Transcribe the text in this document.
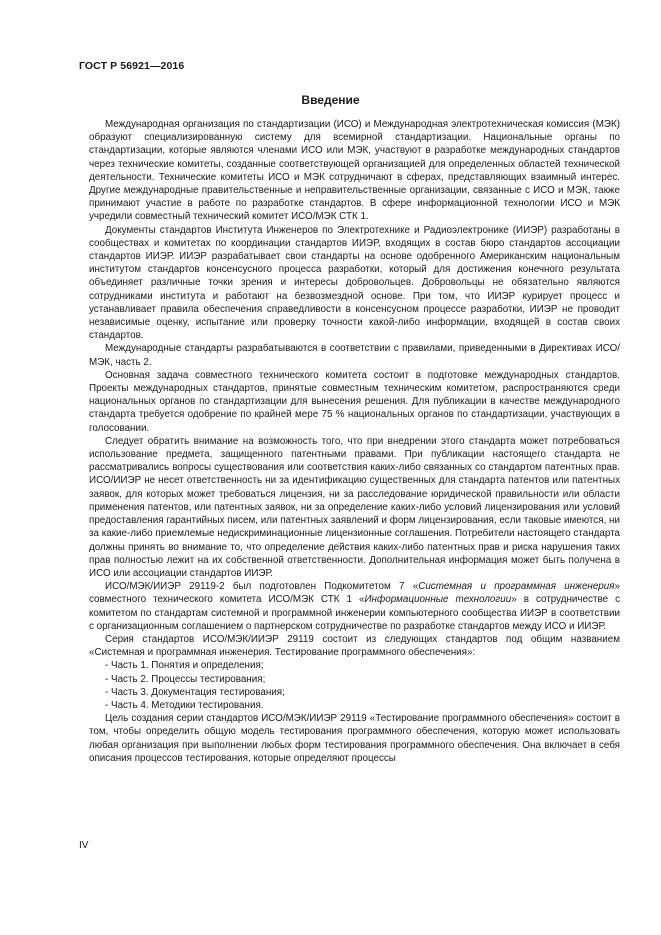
ГОСТ Р 56921—2016
Введение

Международная организация по стандартизации (ИСО) и Международная электротехническая комиссия (МЭК) образуют специализированную систему для всемирной стандартизации. Национальные органы по стандартизации, которые являются членами ИСО или МЭК, участвуют в разработке международных стандартов через технические комитеты, созданные соответствующей организацией для определенных областей технической деятельности. Технические комитеты ИСО и МЭК сотрудничают в сферах, представляющих взаимный интерес. Другие международные правительственные и неправительственные организации, связанные с ИСО и МЭК, также принимают участие в работе по разработке стандартов. В сфере информационной технологии ИСО и МЭК учредили совместный технический комитет ИСО/МЭК СТК 1.

Документы стандартов Института Инженеров по Электротехнике и Радиоэлектронике (ИИЭР) разработаны в сообществах и комитетах по координации стандартов ИИЭР, входящих в состав бюро стандартов ассоциации стандартов ИИЭР. ИИЭР разрабатывает свои стандарты на основе одобренного Американским национальным институтом стандартов консенсусного процесса разработки, который для достижения конечного результата объединяет различные точки зрения и интересы добровольцев. Добровольцы не обязательно являются сотрудниками института и работают на безвозмездной основе. При том, что ИИЭР курирует процесс и устанавливает правила обеспечения справедливости в консенсусном процессе разработки, ИИЭР не проводит независимые оценку, испытание или проверку точности какой-либо информации, входящей в состав своих стандартов.

Международные стандарты разрабатываются в соответствии с правилами, приведенными в Директивах ИСО/МЭК, часть 2.

Основная задача совместного технического комитета состоит в подготовке международных стандартов. Проекты международных стандартов, принятые совместным техническим комитетом, распространяются среди национальных органов по стандартизации для вынесения решения. Для публикации в качестве международного стандарта требуется одобрение по крайней мере 75 % национальных органов по стандартизации, участвующих в голосовании.

Следует обратить внимание на возможность того, что при внедрении этого стандарта может потребоваться использование предмета, защищенного патентными правами. При публикации настоящего стандарта не рассматривались вопросы существования или соответствия каких-либо связанных со стандартом патентных прав. ИСО/ИИЭР не несет ответственность ни за идентификацию существенных для стандарта патентов или патентных заявок, для которых может требоваться лицензия, ни за расследование юридической правильности или области применения патентов, или патентных заявок, ни за определение каких-либо условий лицензирования или условий предоставления гарантийных писем, или патентных заявлений и форм лицензирования, если таковые имеются, ни за какие-либо приемлемые недискриминационные лицензионные соглашения. Потребители настоящего стандарта должны принять во внимание то, что определение действия каких-либо патентных прав и риска нарушения таких прав полностью лежит на их собственной ответственности. Дополнительная информация может быть получена в ИСО или ассоциации стандартов ИИЭР.

ИСО/МЭК/ИИЭР 29119-2 был подготовлен Подкомитетом 7 «Системная и программная инженерия» совместного технического комитета ИСО/МЭК СТК 1 «Информационные технологии» в сотрудничестве с комитетом по стандартам системной и программной инженерии компьютерного сообщества ИИЭР в соответствии с организационным соглашением о партнерском сотрудничестве по разработке стандартов между ИСО и ИИЭР.

Серия стандартов ИСО/МЭК/ИИЭР 29119 состоит из следующих стандартов под общим названием «Системная и программная инженерия. Тестирование программного обеспечения»:

- Часть 1. Понятия и определения;

- Часть 2. Процессы тестирования;

- Часть 3. Документация тестирования;

- Часть 4. Методики тестирования.

Цель создания серии стандартов ИСО/МЭК/ИИЭР 29119 «Тестирование программного обеспечения» состоит в том, чтобы определить общую модель тестирования программного обеспечения, которую может использовать любая организация при выполнении любых форм тестирования программного обеспечения. Она включает в себя описания процессов тестирования, которые определяют процессы

IV
